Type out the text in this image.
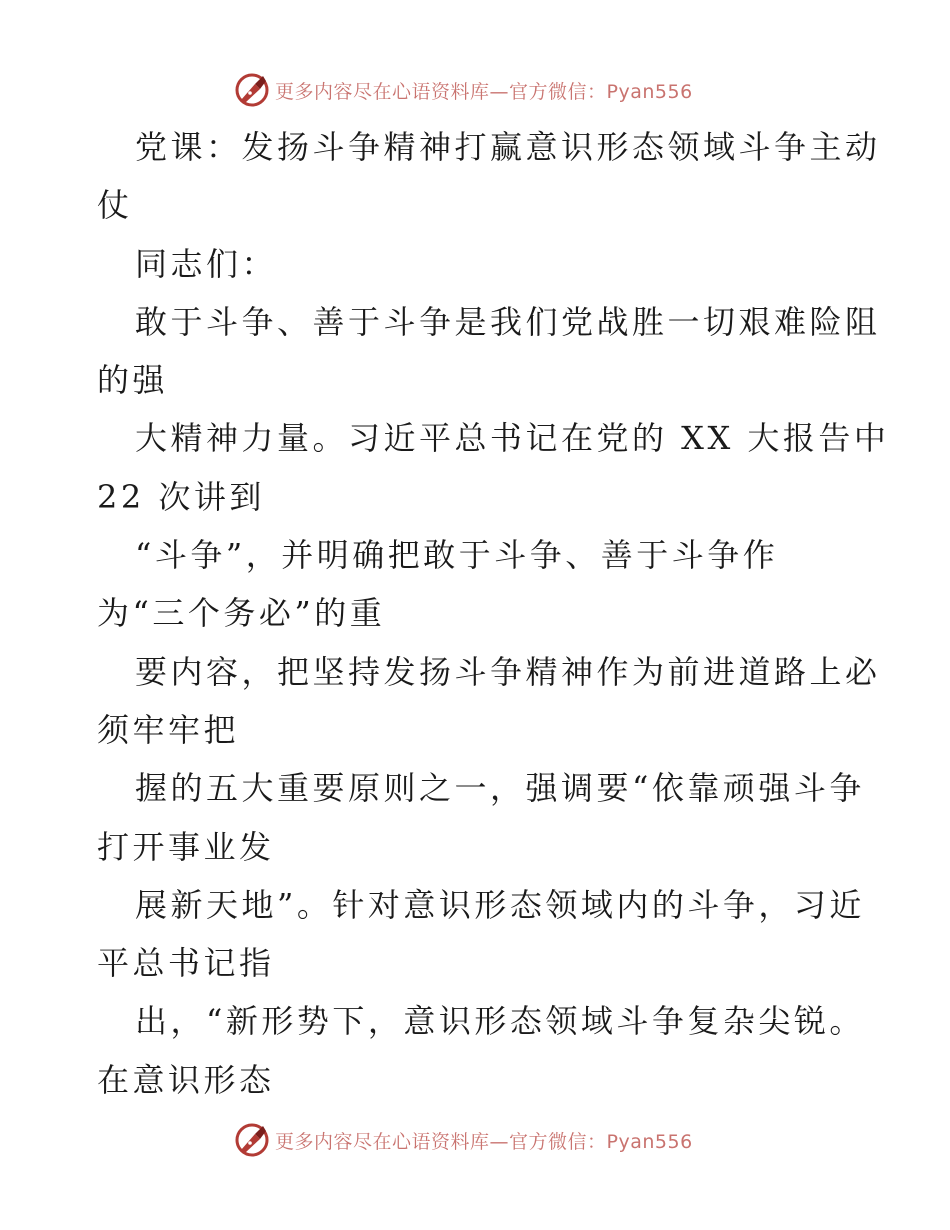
更多内容尽在心语资料库—官方微信：Pyan556
党课：发扬斗争精神打赢意识形态领域斗争主动
仗
同志们：
敢于斗争、善于斗争是我们党战胜一切艰难险阻
的强
大精神力量。习近平总书记在党的 XX 大报告中
22 次讲到
“斗争”，并明确把敢于斗争、善于斗争作
为“三个务必”的重
要内容，把坚持发扬斗争精神作为前进道路上必
须牢牢把
握的五大重要原则之一，强调要“依靠顽强斗争
打开事业发
展新天地”。针对意识形态领域内的斗争，习近
平总书记指
出，“新形势下，意识形态领域斗争复杂尖锐。
在意识形态
更多内容尽在心语资料库—官方微信：Pyan556
